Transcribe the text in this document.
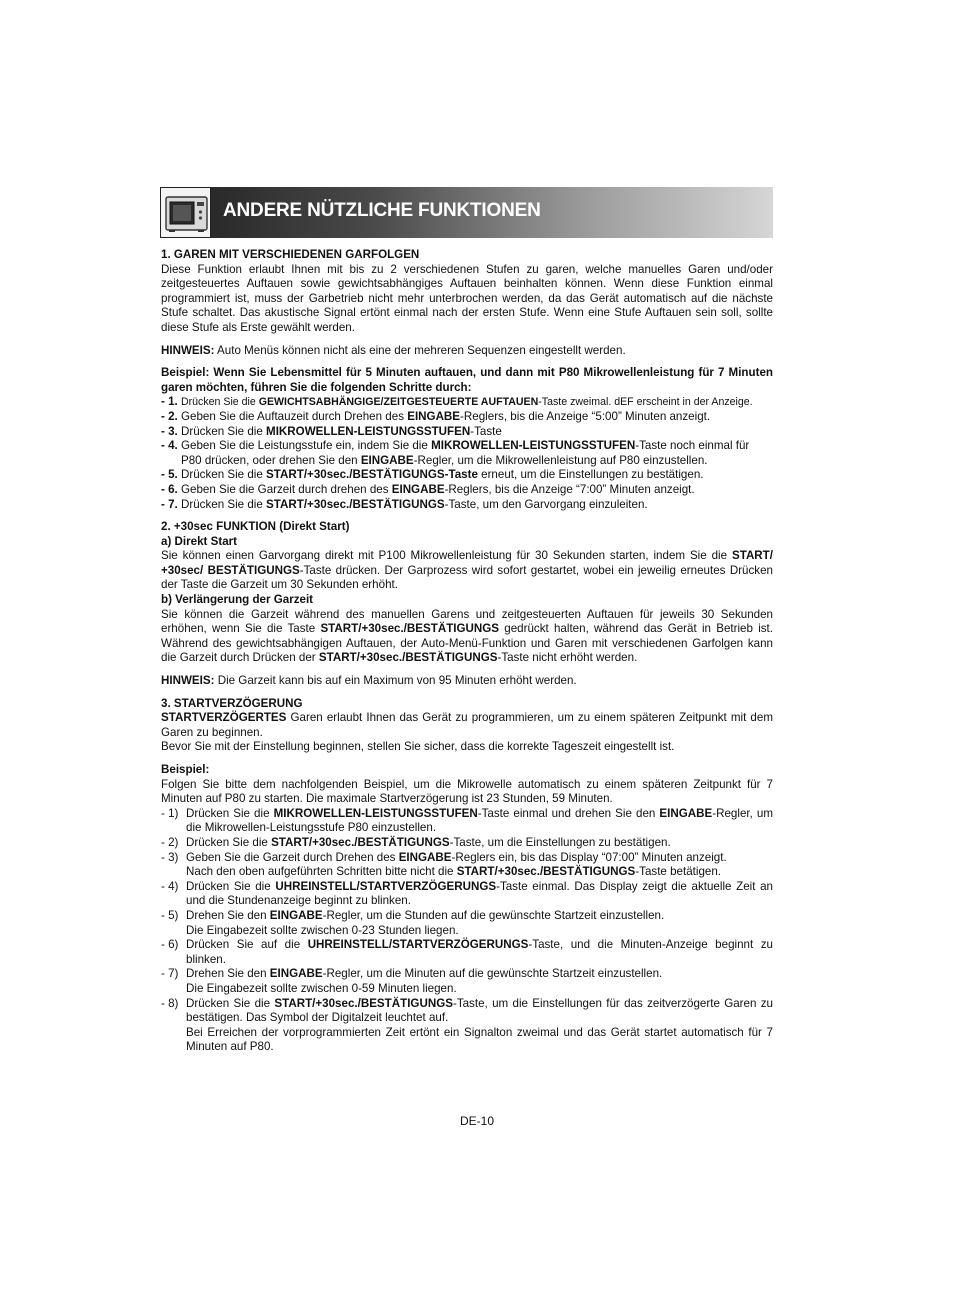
ANDERE NÜTZLICHE FUNKTIONEN

1. GAREN MIT VERSCHIEDENEN GARFOLGEN

Diese Funktion erlaubt Ihnen mit bis zu 2 verschiedenen Stufen zu garen, welche manuelles Garen und/oder zeitgesteuertes Auftauen sowie gewichtsabhängiges Auftauen beinhalten können. Wenn diese Funktion einmal programmiert ist, muss der Garbetrieb nicht mehr unterbrochen werden, da das Gerät automatisch auf die nächste Stufe schaltet. Das akustische Signal ertönt einmal nach der ersten Stufe. Wenn eine Stufe Auftauen sein soll, sollte diese Stufe als Erste gewählt werden.

HINWEIS: Auto Menüs können nicht als eine der mehreren Sequenzen eingestellt werden.

Beispiel: Wenn Sie Lebensmittel für 5 Minuten auftauen, und dann mit P80 Mikrowellenleistung für 7 Minuten garen möchten, führen Sie die folgenden Schritte durch:

- 1. Drücken Sie die GEWICHTSABHÄNGIGE/ZEITGESTEUERTE AUFTAUEN-Taste zweimal. dEF erscheint in der Anzeige.
- 2. Geben Sie die Auftauzeit durch Drehen des EINGABE-Reglers, bis die Anzeige “5:00” Minuten anzeigt.
- 3. Drücken Sie die MIKROWELLEN-LEISTUNGSSTUFEN-Taste
- 4. Geben Sie die Leistungsstufe ein, indem Sie die MIKROWELLEN-LEISTUNGSSTUFEN-Taste noch einmal für P80 drücken, oder drehen Sie den EINGABE-Regler, um die Mikrowellenleistung auf P80 einzustellen.
- 5. Drücken Sie die START/+30sec./BESTÄTIGUNGS-Taste erneut, um die Einstellungen zu bestätigen.
- 6. Geben Sie die Garzeit durch drehen des EINGABE-Reglers, bis die Anzeige “7:00” Minuten anzeigt.
- 7. Drücken Sie die START/+30sec./BESTÄTIGUNGS-Taste, um den Garvorgang einzuleiten.

2. +30sec FUNKTION (Direkt Start)

a) Direkt Start

Sie können einen Garvorgang direkt mit P100 Mikrowellenleistung für 30 Sekunden starten, indem Sie die START/ +30sec/ BESTÄTIGUNGS-Taste drücken. Der Garprozess wird sofort gestartet, wobei ein jeweilig erneutes Drücken der Taste die Garzeit um 30 Sekunden erhöht.

b) Verlängerung der Garzeit

Sie können die Garzeit während des manuellen Garens und zeitgesteuerten Auftauen für jeweils 30 Sekunden erhöhen, wenn Sie die Taste START/+30sec./BESTÄTIGUNGS gedrückt halten, während das Gerät in Betrieb ist. Während des gewichtsabhängigen Auftauen, der Auto-Menü-Funktion und Garen mit verschiedenen Garfolgen kann die Garzeit durch Drücken der START/+30sec./BESTÄTIGUNGS-Taste nicht erhöht werden.

HINWEIS: Die Garzeit kann bis auf ein Maximum von 95 Minuten erhöht werden.

3. STARTVERZÖGERUNG

STARTVERZÖGERTES Garen erlaubt Ihnen das Gerät zu programmieren, um zu einem späteren Zeitpunkt mit dem Garen zu beginnen.

Bevor Sie mit der Einstellung beginnen, stellen Sie sicher, dass die korrekte Tageszeit eingestellt ist.

Beispiel:

Folgen Sie bitte dem nachfolgenden Beispiel, um die Mikrowelle automatisch zu einem späteren Zeitpunkt für 7 Minuten auf P80 zu starten. Die maximale Startverzögerung ist 23 Stunden, 59 Minuten.

- 1) Drücken Sie die MIKROWELLEN-LEISTUNGSSTUFEN-Taste einmal und drehen Sie den EINGABE-Regler, um die Mikrowellen-Leistungsstufe P80 einzustellen.

- 2) Drücken Sie die START/+30sec./BESTÄTIGUNGS-Taste, um die Einstellungen zu bestätigen.

- 3) Geben Sie die Garzeit durch Drehen des EINGABE-Reglers ein, bis das Display “07:00” Minuten anzeigt.

Nach den oben aufgeführten Schritten bitte nicht die START/+30sec./BESTÄTIGUNGS-Taste betätigen.

- 4) Drücken Sie die UHREINSTELL/STARTVERZÖGERUNGS-Taste einmal. Das Display zeigt die aktuelle Zeit an und die Stundenanzeige beginnt zu blinken.

- 5) Drehen Sie den EINGABE-Regler, um die Stunden auf die gewünschte Startzeit einzustellen.

Die Eingabezeit sollte zwischen 0-23 Stunden liegen.

- 6) Drücken Sie auf die UHREINSTELL/STARTVERZÖGERUNGS-Taste, und die Minuten-Anzeige beginnt zu blinken.

- 7) Drehen Sie den EINGABE-Regler, um die Minuten auf die gewünschte Startzeit einzustellen.

Die Eingabezeit sollte zwischen 0-59 Minuten liegen.

- 8) Drücken Sie die START/+30sec./BESTÄTIGUNGS-Taste, um die Einstellungen für das zeitverzögerte Garen zu bestätigen. Das Symbol der Digitalzeit leuchtet auf.

Bei Erreichen der vorprogrammierten Zeit ertönt ein Signalton zweimal und das Gerät startet automatisch für 7 Minuten auf P80.

DE-10
